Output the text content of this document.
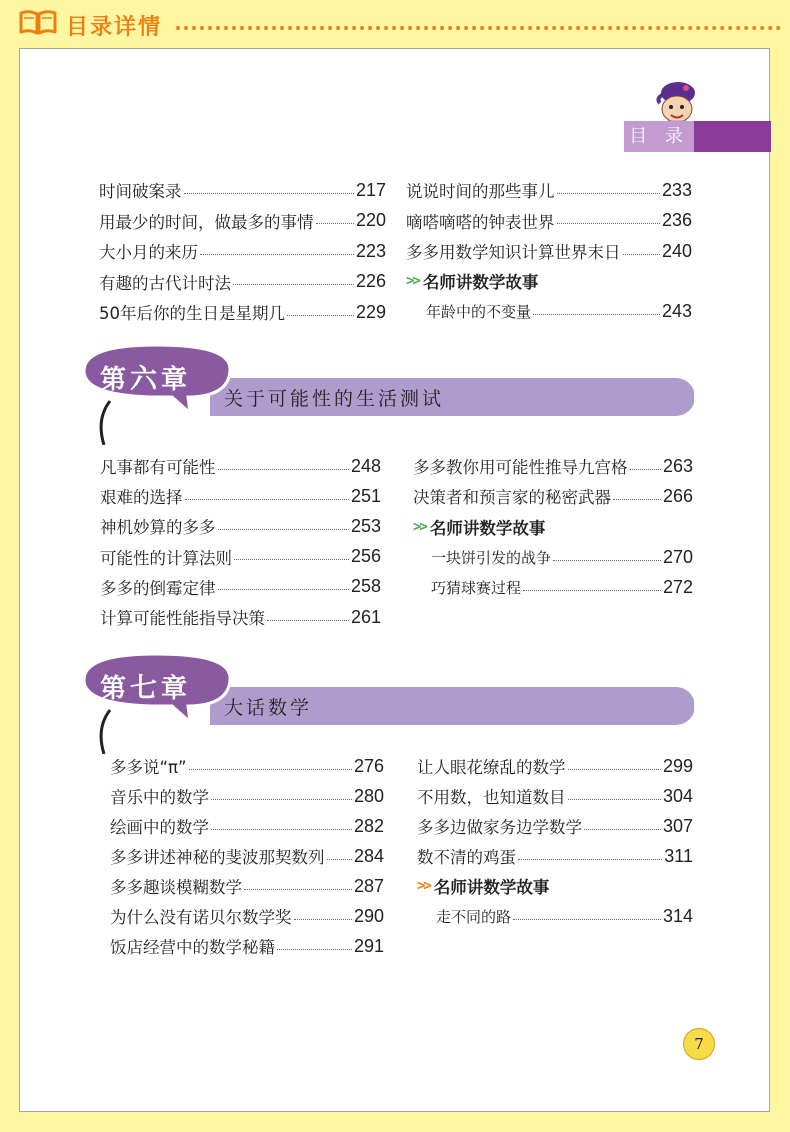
目录详情
目 录
时间破案录	217
用最少的时间，做最多的事情 220
大小月的来历	223
有趣的古代计时法	226
50年后你的生日是星期几	229
说说时间的那些事儿	233
嘀嗒嘀嗒的钟表世界	236
多多用数学知识计算世界末日 240
>> 名师讲数学故事
年龄中的不变量	243
第六章
关于可能性的生活测试
凡事都有可能性	248
艰难的选择	251
神机妙算的多多	253
可能性的计算法则	256
多多的倒霉定律	258
计算可能性能指导决策	261
多多教你用可能性推导九宫格 263
决策者和预言家的秘密武器	266
>> 名师讲数学故事
一块饼引发的战争	270
巧猜球赛过程	272
第七章
大话数学
多多说“π”	276
音乐中的数学	280
绘画中的数学	282
多多讲述神秘的斐波那契数列 284
多多趣谈模糊数学	287
为什么没有诺贝尔数学奖	290
饭店经营中的数学秘籍	291
让人眼花缭乱的数学	299
不用数，也知道数目	304
多多边做家务边学数学	307
数不清的鸡蛋	311
>> 名师讲数学故事
走不同的路	314
7
